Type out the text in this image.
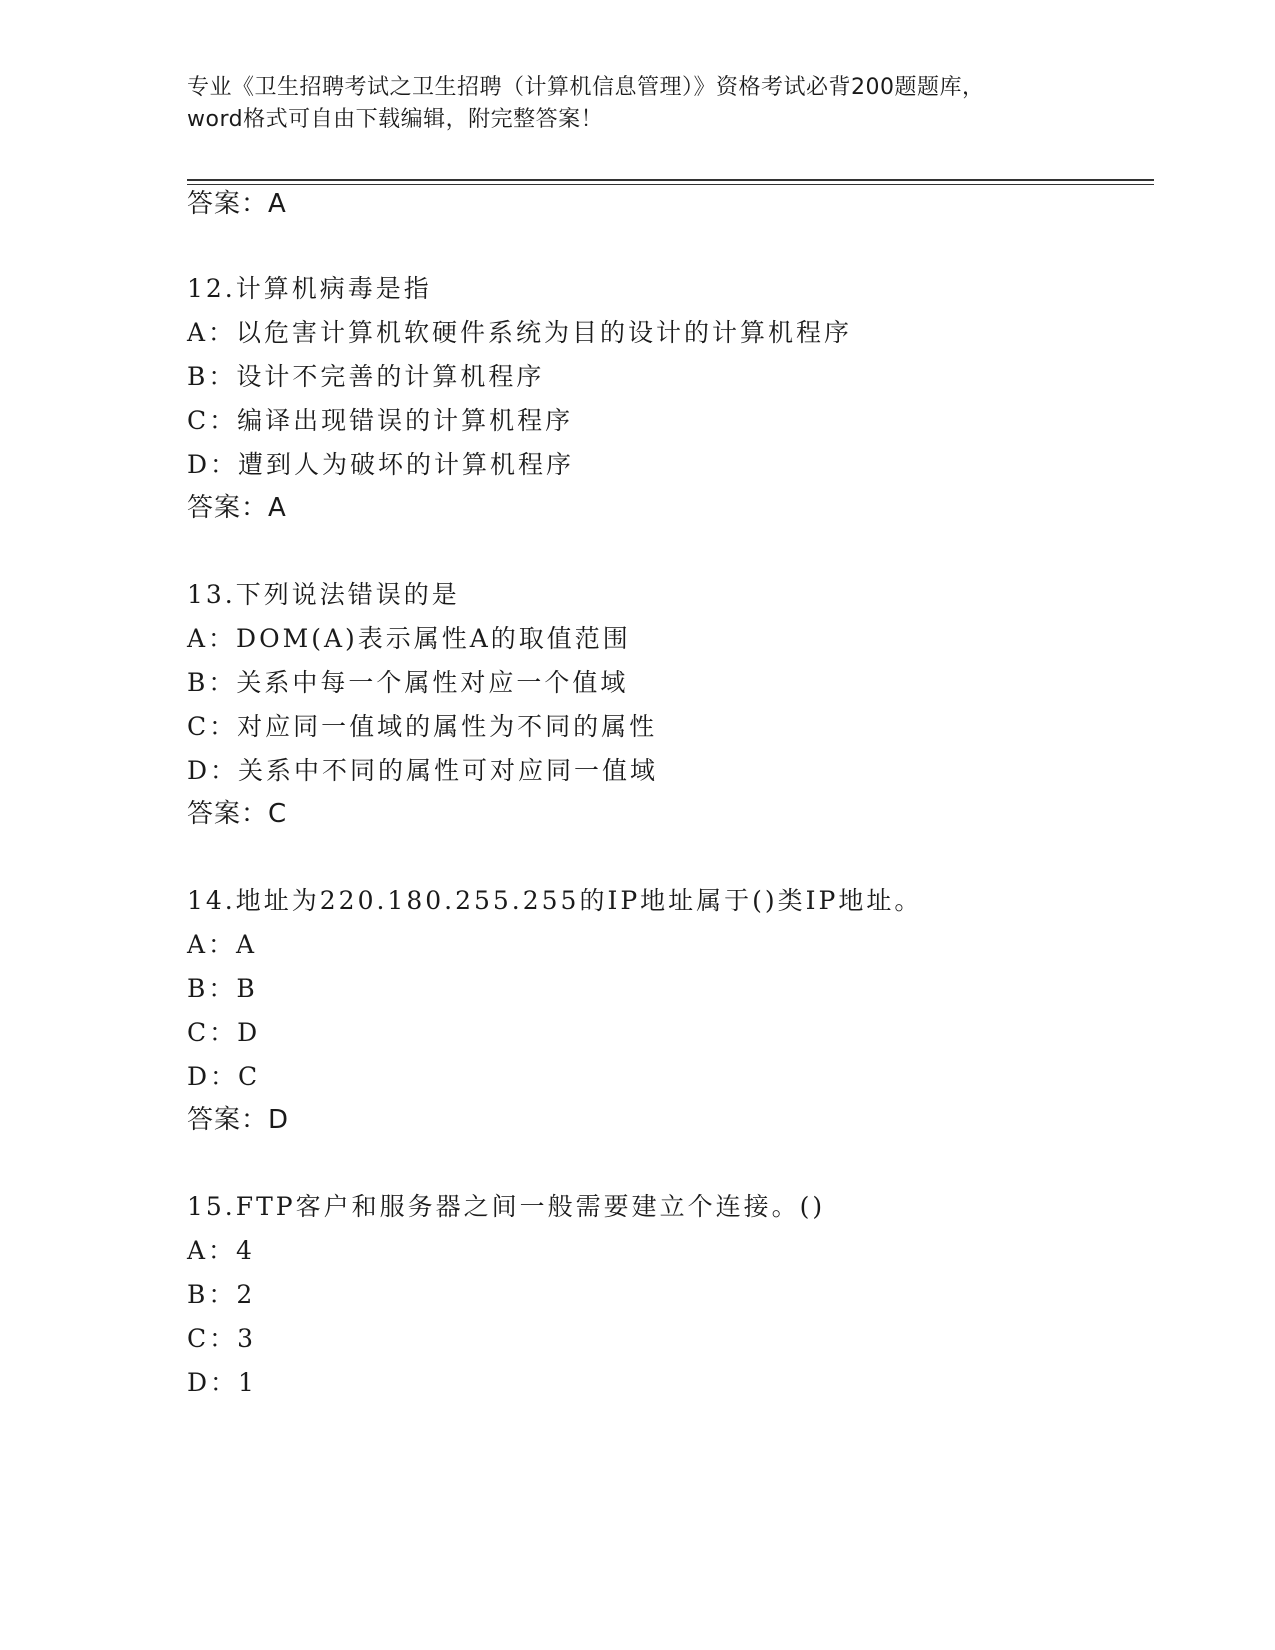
专业《卫生招聘考试之卫生招聘（计算机信息管理）》资格考试必背200题题库，
word格式可自由下载编辑，附完整答案！
答案：A
12.计算机病毒是指
A：以危害计算机软硬件系统为目的设计的计算机程序
B：设计不完善的计算机程序
C：编译出现错误的计算机程序
D：遭到人为破坏的计算机程序
答案：A
13.下列说法错误的是
A：DOM(A)表示属性A的取值范围
B：关系中每一个属性对应一个值域
C：对应同一值域的属性为不同的属性
D：关系中不同的属性可对应同一值域
答案：C
14.地址为220.180.255.255的IP地址属于()类IP地址。
A：A
B：B
C：D
D：C
答案：D
15.FTP客户和服务器之间一般需要建立个连接。()
A：4
B：2
C：3
D：1
